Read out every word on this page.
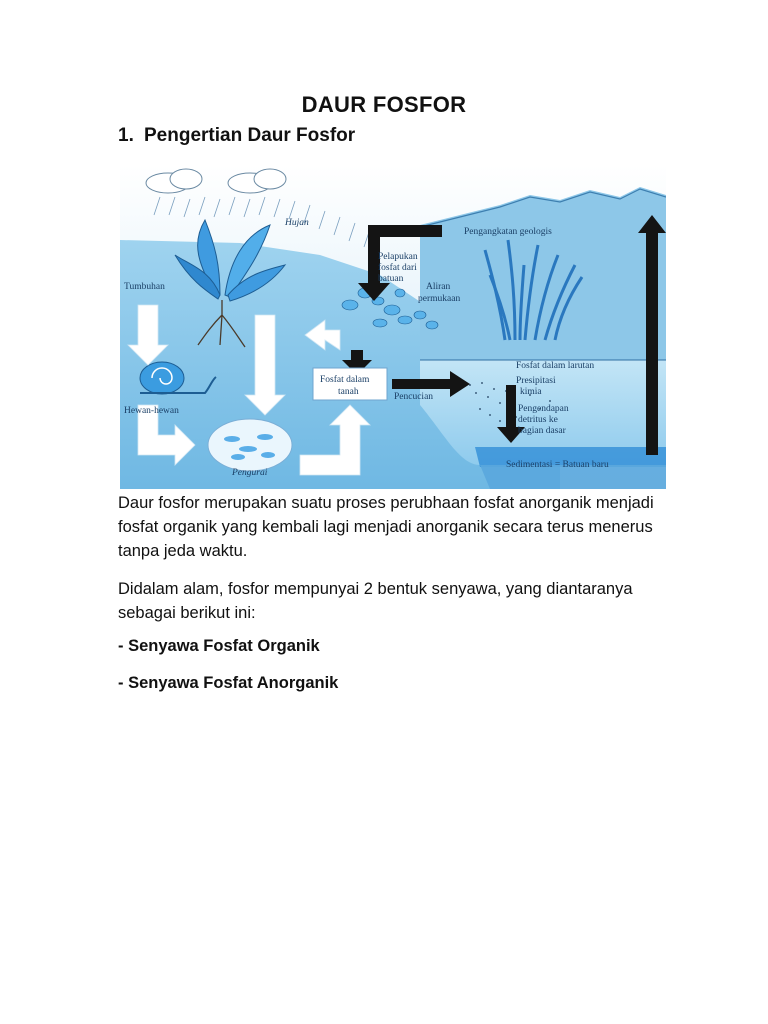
DAUR FOSFOR
1. Pengertian Daur Fosfor
Hujan
Tumbuhan
Hewan-hewan
Pengurai
Fosfat dalam
tanah
Pelapukan
fosfat dari
batuan
Aliran
permukaan
Pengangkatan geologis
Pencucian
Fosfat dalam larutan
Presipitasi
kimia
Pengendapan
detritus ke
bagian dasar
Sedimentasi = Batuan baru
Daur fosfor merupakan suatu proses perubhaan fosfat anorganik menjadi fosfat organik yang kembali lagi menjadi anorganik secara terus menerus tanpa jeda waktu.
Didalam alam, fosfor mempunyai 2 bentuk senyawa, yang diantaranya sebagai berikut ini:
- Senyawa Fosfat Organik
- Senyawa Fosfat Anorganik
